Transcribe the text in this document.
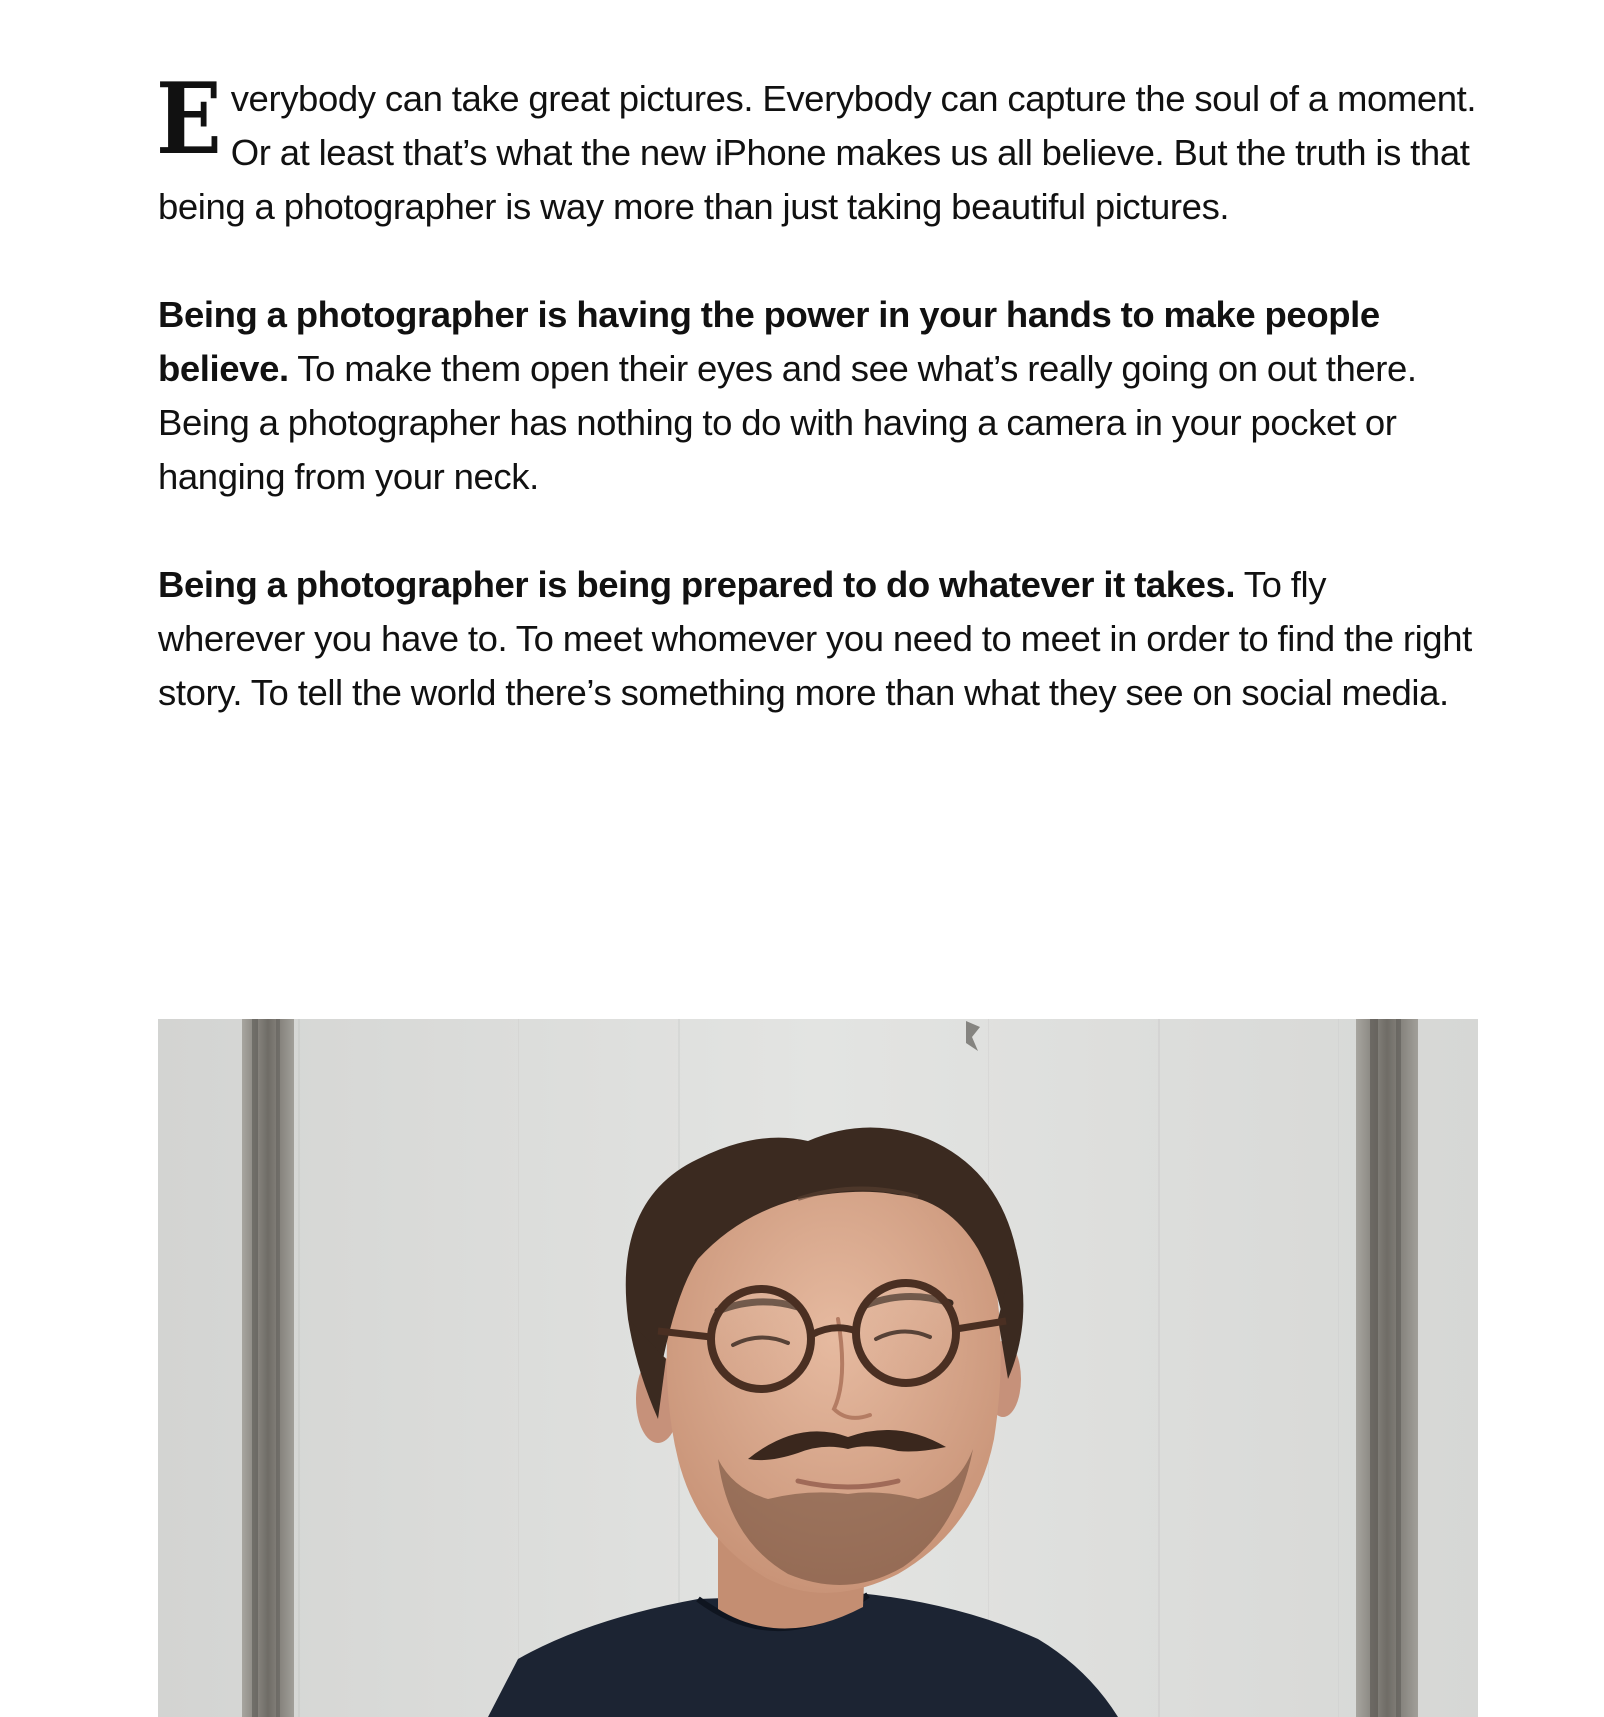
Everybody can take great pictures. Everybody can capture the soul of a moment. Or at least that’s what the new iPhone makes us all believe. But the truth is that being a photographer is way more than just taking beautiful pictures.

Being a photographer is having the power in your hands to make people believe. To make them open their eyes and see what’s really going on out there. Being a photographer has nothing to do with having a camera in your pocket or hanging from your neck.

Being a photographer is being prepared to do whatever it takes. To fly wherever you have to. To meet whomever you need to meet in order to find the right story. To tell the world there’s something more than what they see on social media.
